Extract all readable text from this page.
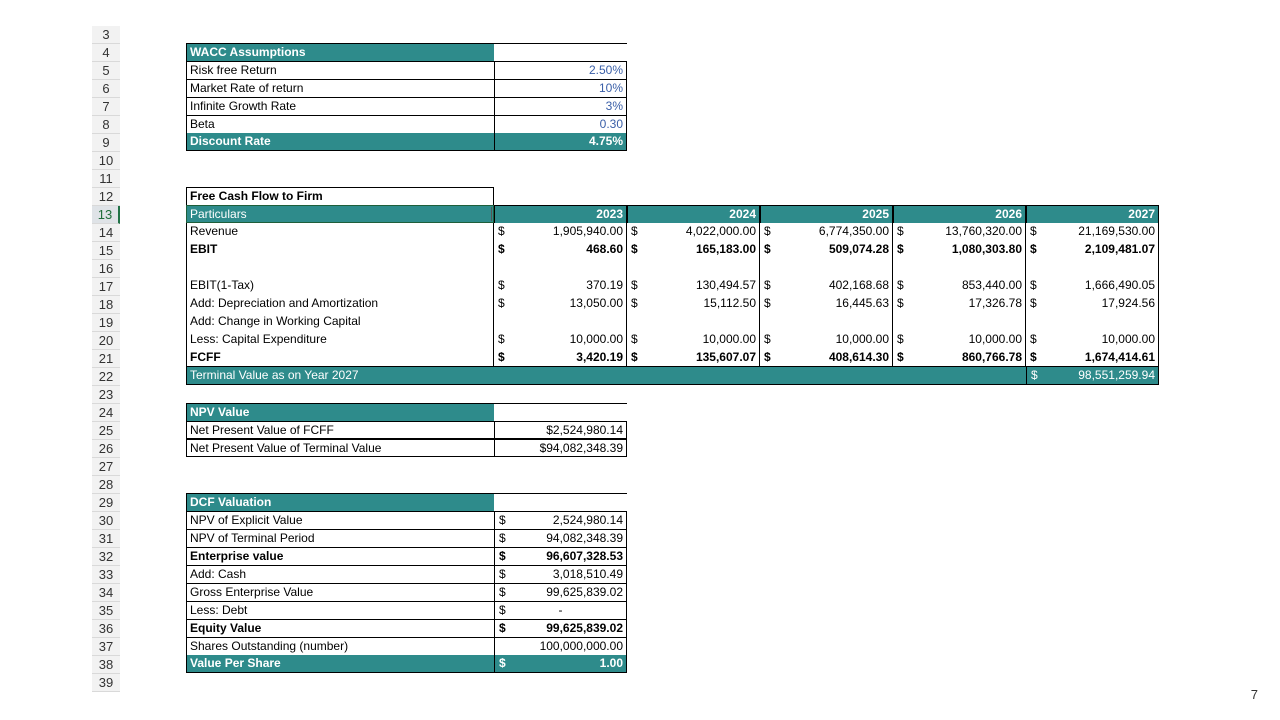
3
4
5
6
7
8
9
10
11
12
13
14
15
16
17
18
19
20
21
22
23
24
25
26
27
28
29
30
31
32
33
34
35
36
37
38
39
WACC Assumptions
Risk free Return	2.50%
Market Rate of return	10%
Infinite Growth Rate	3%
Beta	0.30
Discount Rate	4.75%
Free Cash Flow to Firm
Particulars	2023	2024	2025	2026	2027
Revenue	$	1,905,940.00 $	4,022,000.00 $	6,774,350.00 $	13,760,320.00 $	21,169,530.00
EBIT	$	468.60 $	165,183.00 $	509,074.28 $	1,080,303.80 $	2,109,481.07
EBIT(1-Tax)	$	370.19 $	130,494.57 $	402,168.68 $	853,440.00 $	1,666,490.05
Add: Depreciation and Amortization	$	13,050.00 $	15,112.50 $	16,445.63 $	17,326.78 $	17,924.56
Add: Change in Working Capital
Less: Capital Expenditure	$	10,000.00 $	10,000.00 $	10,000.00 $	10,000.00 $	10,000.00
FCFF	$	3,420.19 $	135,607.07 $	408,614.30 $	860,766.78 $	1,674,414.61
Terminal Value as on Year 2027	$	98,551,259.94
NPV Value
Net Present Value of FCFF	$2,524,980.14
Net Present Value of Terminal Value	$94,082,348.39
DCF Valuation
NPV of Explicit Value	$	2,524,980.14
NPV of Terminal Period	$	94,082,348.39
Enterprise value	$	96,607,328.53
Add: Cash	$	3,018,510.49
Gross Enterprise Value	$	99,625,839.02
Less: Debt	$	-
Equity Value	$	99,625,839.02
Shares Outstanding (number)	100,000,000.00
Value Per Share	$	1.00
7
